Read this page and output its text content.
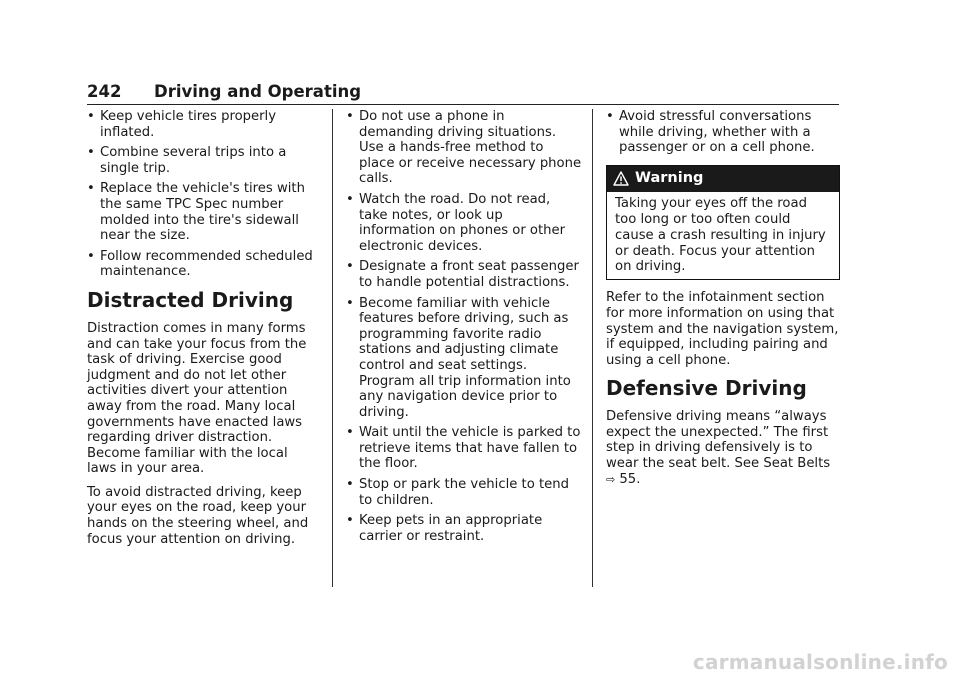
242 Driving and Operating
• Keep vehicle tires properly inflated.
• Combine several trips into a single trip.
• Replace the vehicle's tires with the same TPC Spec number molded into the tire's sidewall near the size.
• Follow recommended scheduled maintenance.
Distracted Driving

Distraction comes in many forms and can take your focus from the task of driving. Exercise good judgment and do not let other activities divert your attention away from the road. Many local governments have enacted laws regarding driver distraction. Become familiar with the local laws in your area.

To avoid distracted driving, keep your eyes on the road, keep your hands on the steering wheel, and focus your attention on driving.

• Do not use a phone in demanding driving situations. Use a hands-free method to place or receive necessary phone calls.
• Watch the road. Do not read, take notes, or look up information on phones or other electronic devices.
• Designate a front seat passenger to handle potential distractions.
• Become familiar with vehicle features before driving, such as programming favorite radio stations and adjusting climate control and seat settings. Program all trip information into any navigation device prior to driving.
• Wait until the vehicle is parked to retrieve items that have fallen to the floor.
• Stop or park the vehicle to tend to children.
• Keep pets in an appropriate carrier or restraint.
• Avoid stressful conversations while driving, whether with a passenger or on a cell phone.
Warning
Taking your eyes off the road too long or too often could cause a crash resulting in injury or death. Focus your attention on driving.

Refer to the infotainment section for more information on using that system and the navigation system, if equipped, including pairing and using a cell phone.

Defensive Driving

Defensive driving means “always expect the unexpected.” The first step in driving defensively is to wear the seat belt. See Seat Belts
⇨ 55.

carmanualsonline.info
